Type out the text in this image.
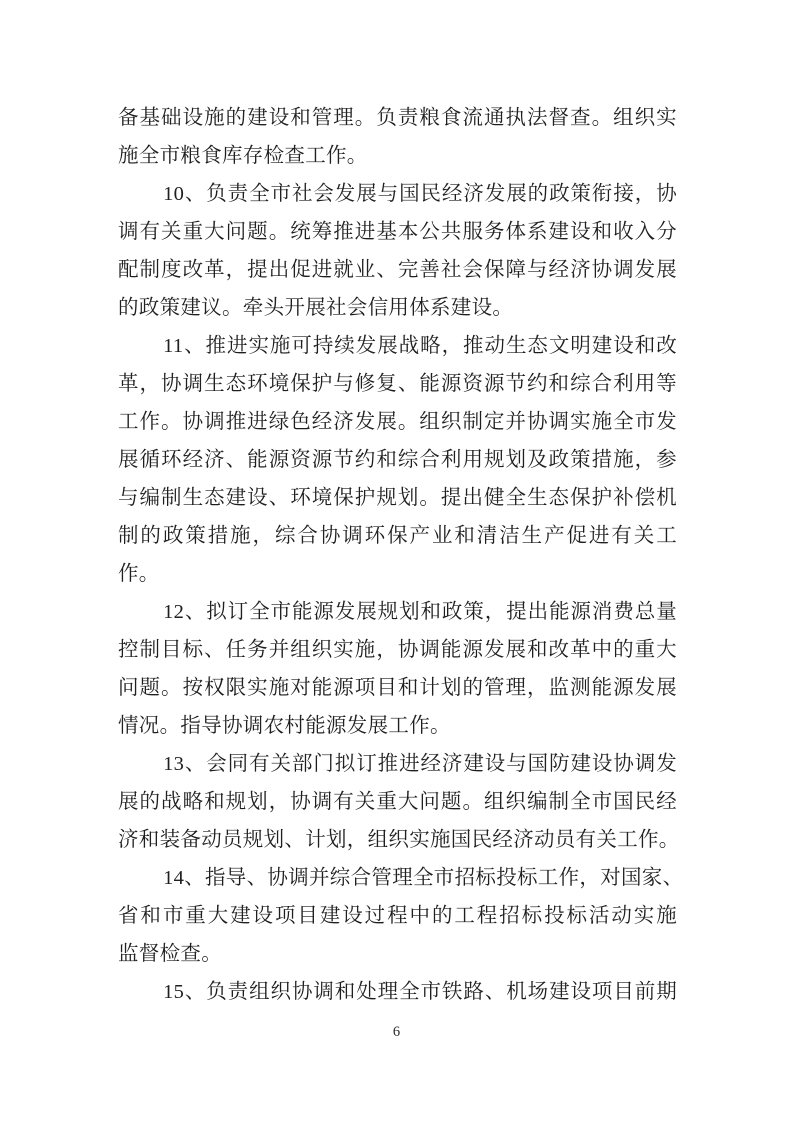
备基础设施的建设和管理。负责粮食流通执法督查。组织实
施全市粮食库存检查工作。
10、负责全市社会发展与国民经济发展的政策衔接，协
调有关重大问题。统筹推进基本公共服务体系建设和收入分
配制度改革，提出促进就业、完善社会保障与经济协调发展
的政策建议。牵头开展社会信用体系建设。
11、推进实施可持续发展战略，推动生态文明建设和改
革，协调生态环境保护与修复、能源资源节约和综合利用等
工作。协调推进绿色经济发展。组织制定并协调实施全市发
展循环经济、能源资源节约和综合利用规划及政策措施，参
与编制生态建设、环境保护规划。提出健全生态保护补偿机
制的政策措施，综合协调环保产业和清洁生产促进有关工
作。
12、拟订全市能源发展规划和政策，提出能源消费总量
控制目标、任务并组织实施，协调能源发展和改革中的重大
问题。按权限实施对能源项目和计划的管理，监测能源发展
情况。指导协调农村能源发展工作。
13、会同有关部门拟订推进经济建设与国防建设协调发
展的战略和规划，协调有关重大问题。组织编制全市国民经
济和装备动员规划、计划，组织实施国民经济动员有关工作。
14、指导、协调并综合管理全市招标投标工作，对国家、
省和市重大建设项目建设过程中的工程招标投标活动实施
监督检查。
15、负责组织协调和处理全市铁路、机场建设项目前期
6
